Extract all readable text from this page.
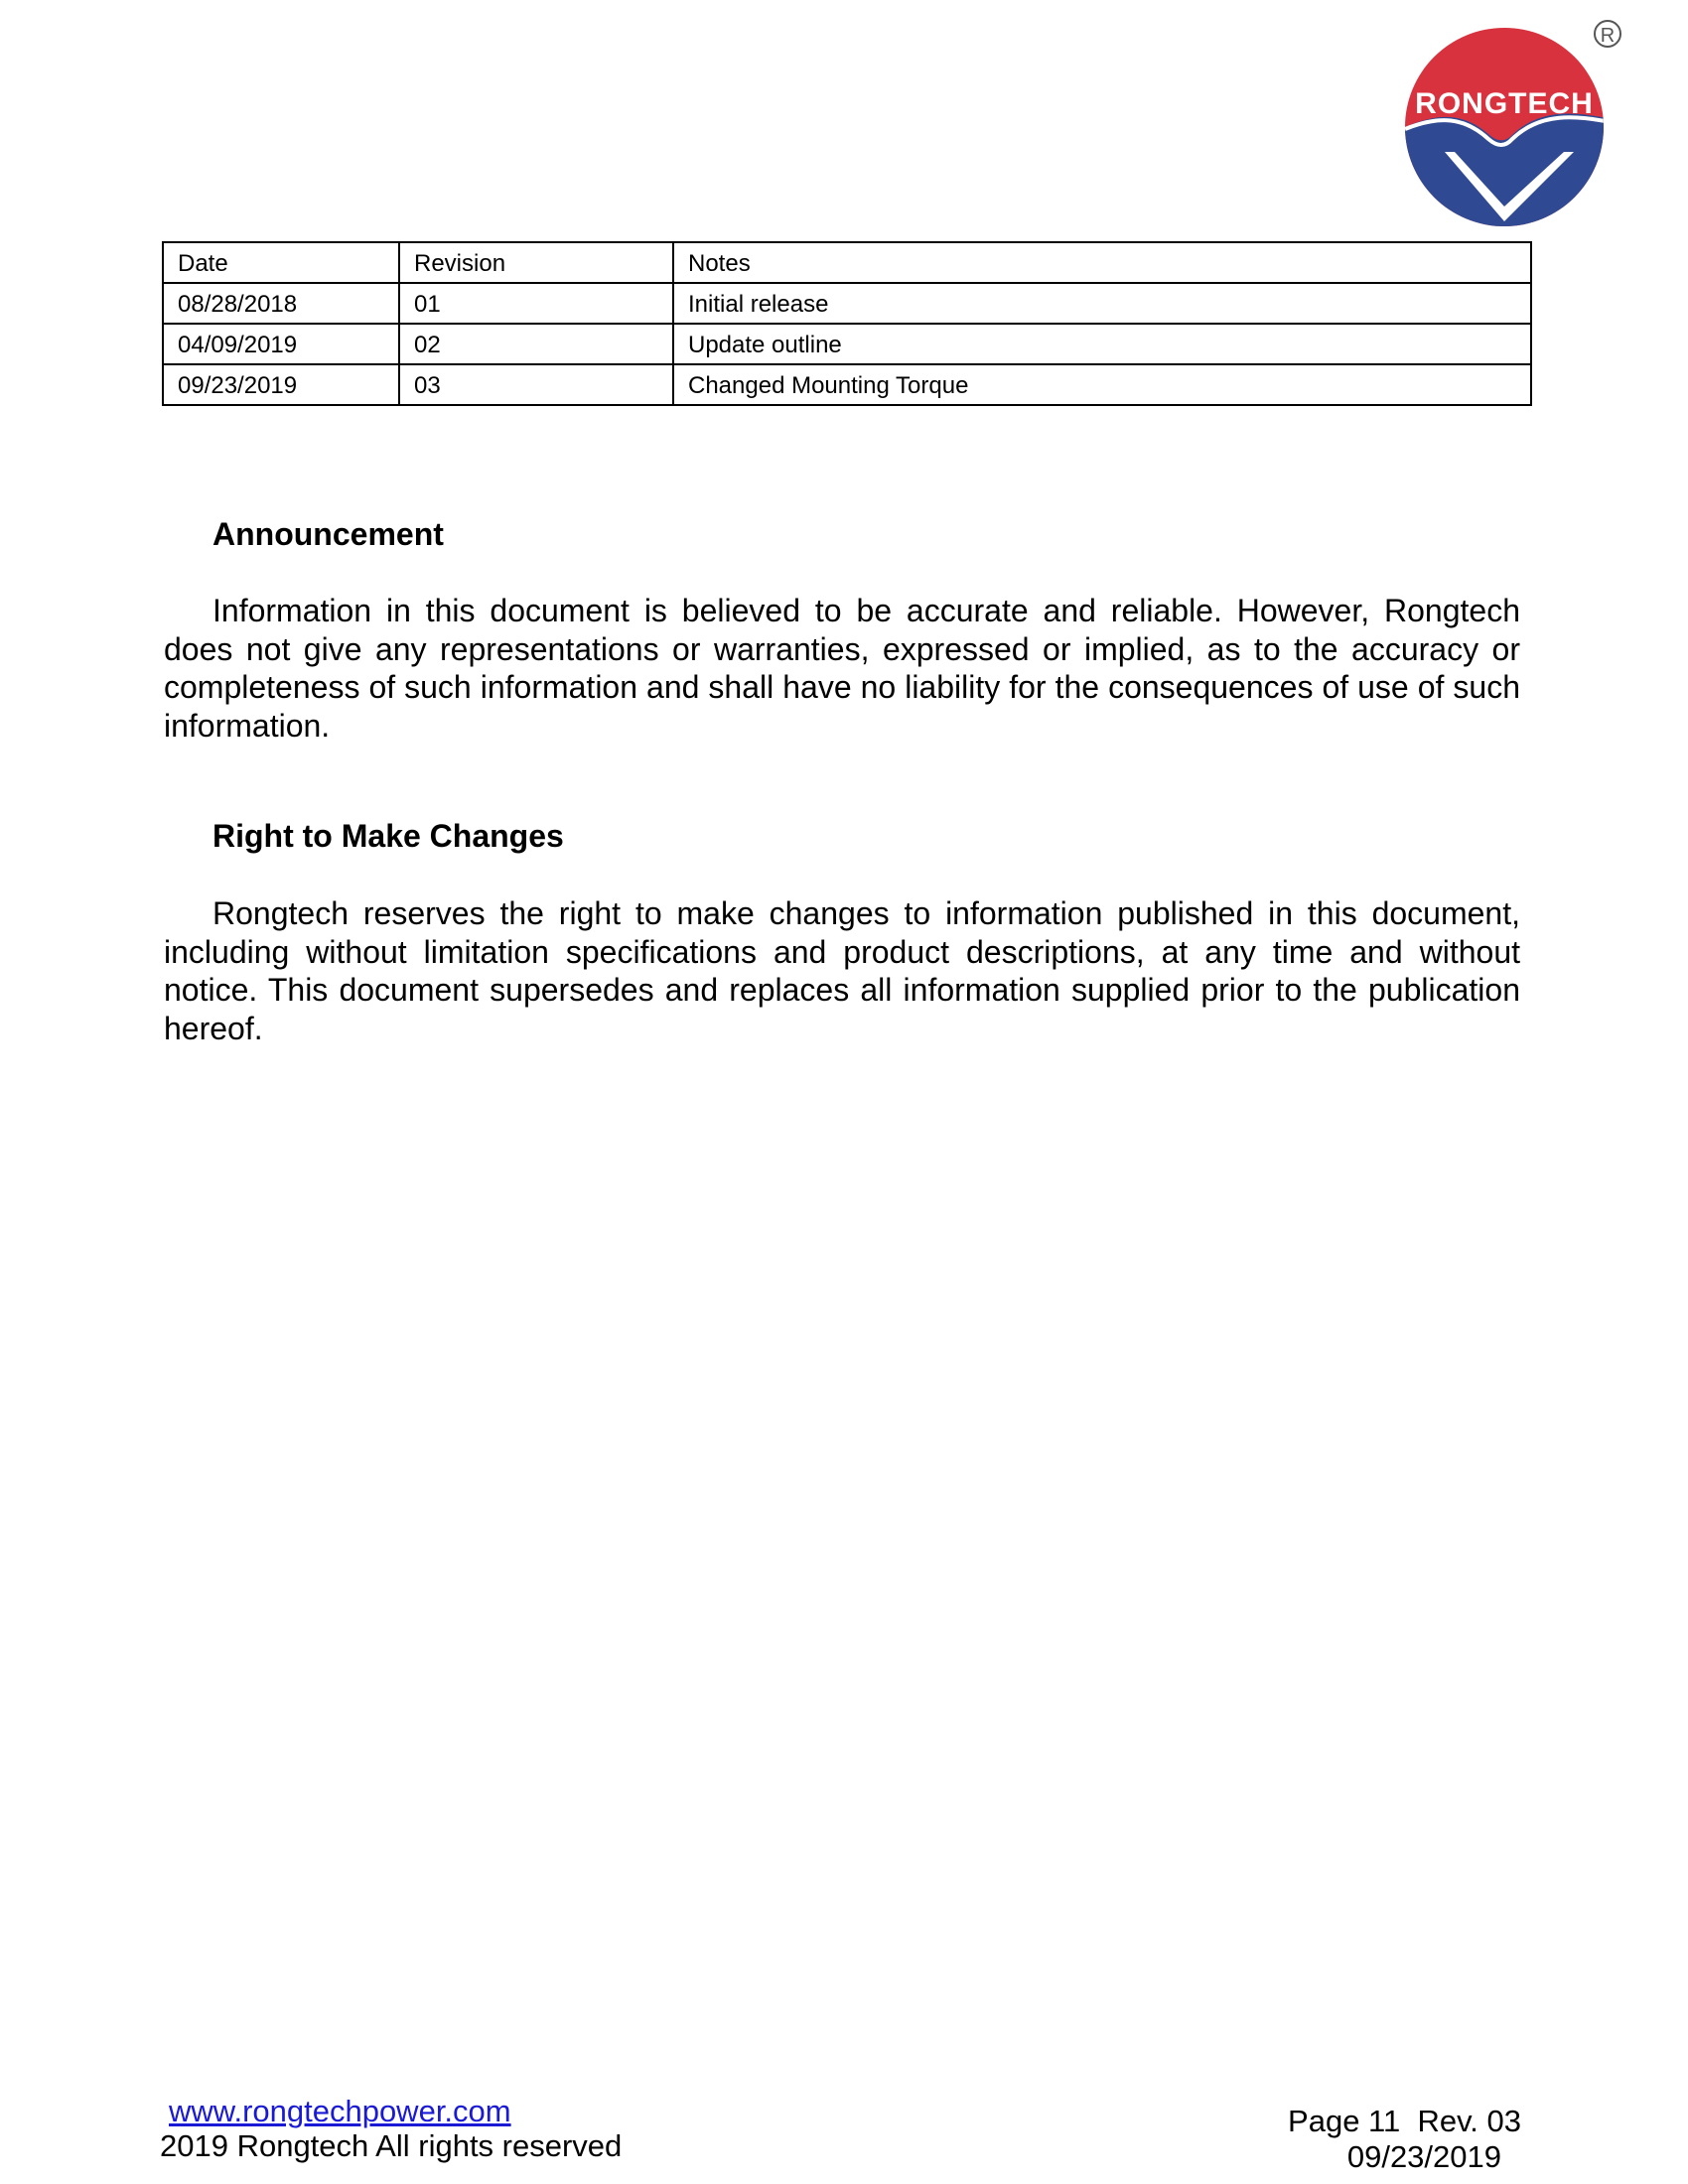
RONGTECH
R
Date	Revision	Notes
08/28/2018	01	Initial release
04/09/2019	02	Update outline
09/23/2019	03	Changed Mounting Torque
Announcement

Information in this document is believed to be accurate and reliable. However, Rongtech does not give any representations or warranties, expressed or implied, as to the accuracy or completeness of such information and shall have no liability for the consequences of use of such information.

Right to Make Changes

Rongtech reserves the right to make changes to information published in this document, including without limitation specifications and product descriptions, at any time and without notice. This document supersedes and replaces all information supplied prior to the publication hereof.

www.rongtechpower.com
2019 Rongtech All rights reserved
Page 11  Rev. 03
09/23/2019
